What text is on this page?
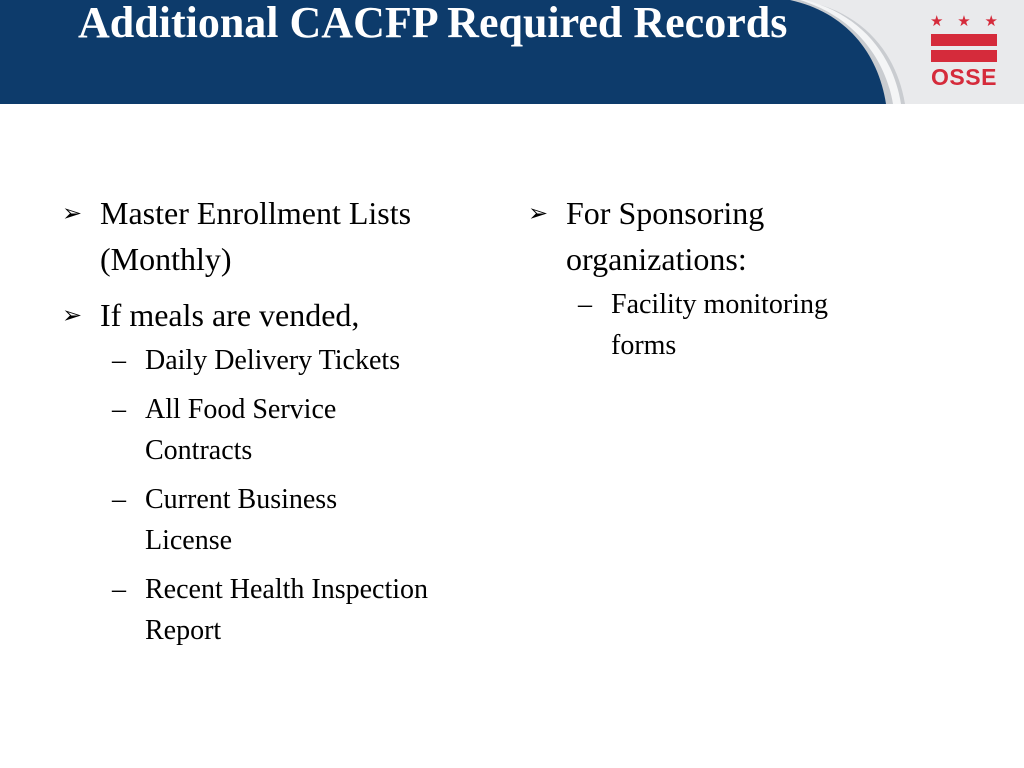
Additional CACFP Required Records	★ ★ ★
OSSE
➢ Master Enrollment Lists (Monthly)
➢ If meals are vended,
– Daily Delivery Tickets
– All Food Service Contracts
– Current Business License
– Recent Health Inspection Report
➢ For Sponsoring organizations:
– Facility monitoring forms
